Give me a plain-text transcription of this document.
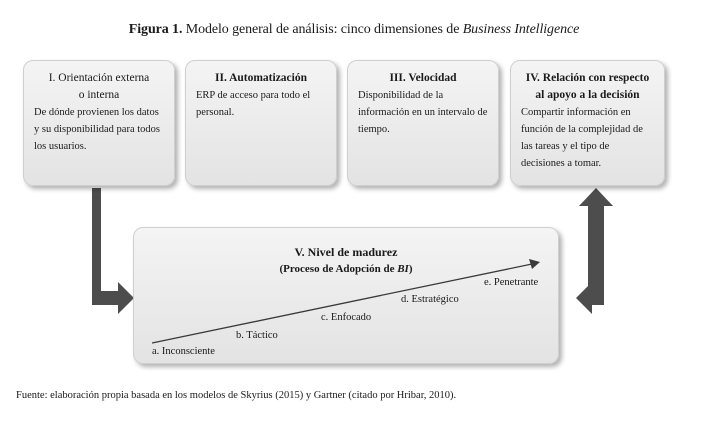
Figura 1. Modelo general de análisis: cinco dimensiones de Business Intelligence
I. Orientación externa
o interna
De dónde provienen los datos y su disponibilidad para todos los usuarios.
II. Automatización
ERP de acceso para todo el personal.
III. Velocidad
Disponibilidad de la información en un intervalo de tiempo.
IV. Relación con respecto
al apoyo a la decisión
Compartir información en función de la complejidad de las tareas y el tipo de decisiones a tomar.
V. Nivel de madurez
(Proceso de Adopción de BI)
a. Inconsciente
b. Táctico
c. Enfocado
d. Estratégico
e. Penetrante
Fuente: elaboración propia basada en los modelos de Skyrius (2015) y Gartner (citado por Hribar, 2010).
